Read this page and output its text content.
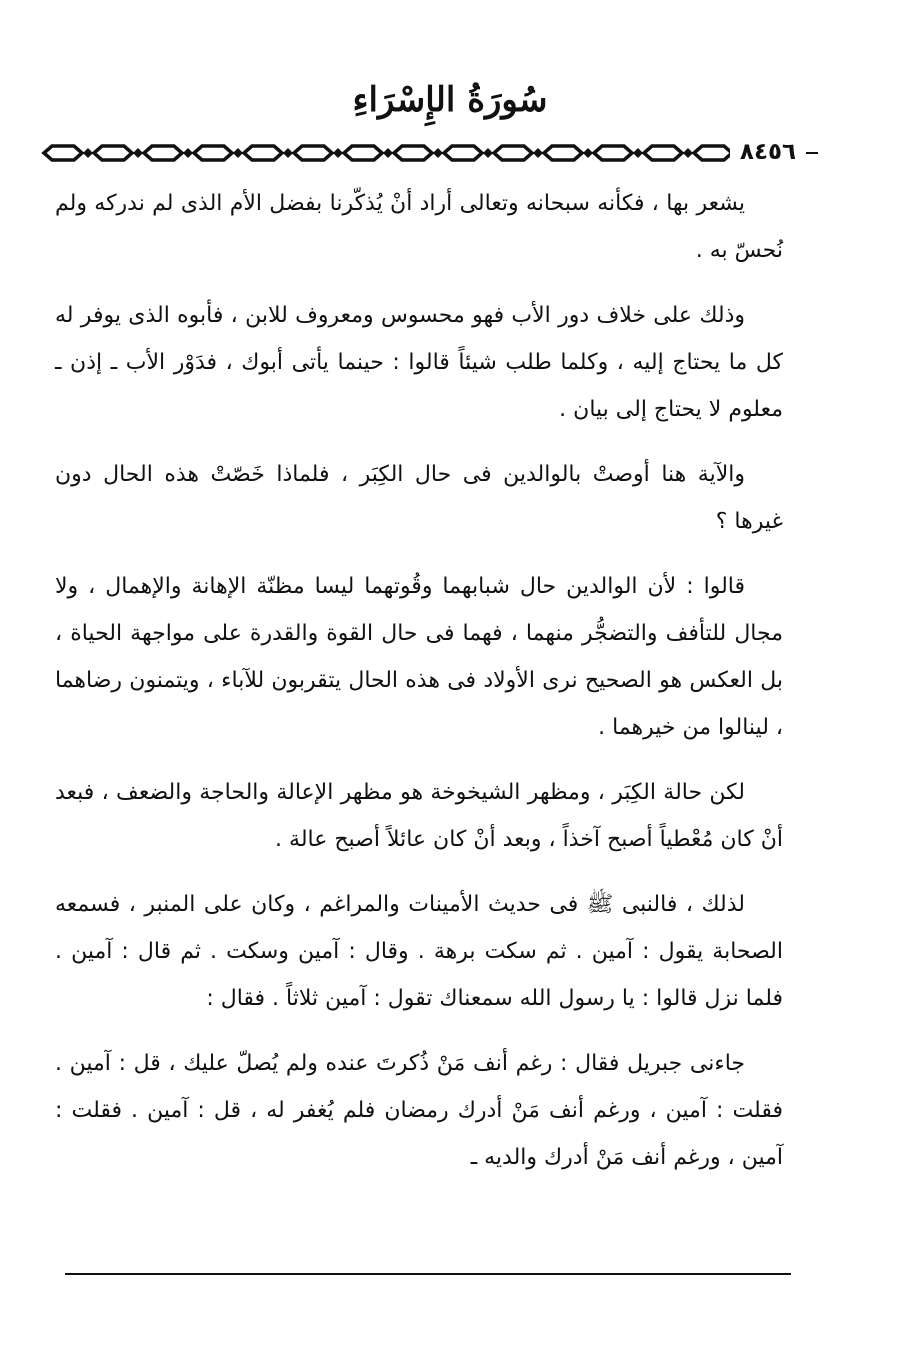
سُورَةُ الإِسْرَاءِ
٨٤٥٦

يشعر بها ، فكأنه سبحانه وتعالى أراد أنْ يُذكّرنا بفضل الأم الذى لم ندركه ولم نُحسّ به .

وذلك على خلاف دور الأب فهو محسوس ومعروف للابن ، فأبوه الذى يوفر له كل ما يحتاج إليه ، وكلما طلب شيئاً قالوا : حينما يأتى أبوك ، فدَوْر الأب ـ إذن ـ معلوم لا يحتاج إلى بيان .

والآية هنا أوصتْ بالوالدين فى حال الكِبَر ، فلماذا خَصّتْ هذه الحال دون غيرها ؟

قالوا : لأن الوالدين حال شبابهما وقُوتهما ليسا مظنّة الإهانة والإهمال ، ولا مجال للتأفف والتضجُّر منهما ، فهما فى حال القوة والقدرة على مواجهة الحياة ، بل العكس هو الصحيح نرى الأولاد فى هذه الحال يتقربون للآباء ، ويتمنون رضاهما ، لينالوا من خيرهما .

لكن حالة الكِبَر ، ومظهر الشيخوخة هو مظهر الإعالة والحاجة والضعف ، فبعد أنْ كان مُعْطياً أصبح آخذاً ، وبعد أنْ كان عائلاً أصبح عالة .

لذلك ، فالنبى ﷺ فى حديث الأمينات والمراغم ، وكان على المنبر ، فسمعه الصحابة يقول : آمين . ثم سكت برهة . وقال : آمين وسكت . ثم قال : آمين . فلما نزل قالوا : يا رسول الله سمعناك تقول : آمين ثلاثاً . فقال :

جاءنى جبريل فقال : رغم أنف مَنْ ذُكرتَ عنده ولم يُصلّ عليك ، قل : آمين . فقلت : آمين ، ورغم أنف مَنْ أدرك رمضان فلم يُغفر له ، قل : آمين . فقلت : آمين ، ورغم أنف مَنْ أدرك والديه ـ
